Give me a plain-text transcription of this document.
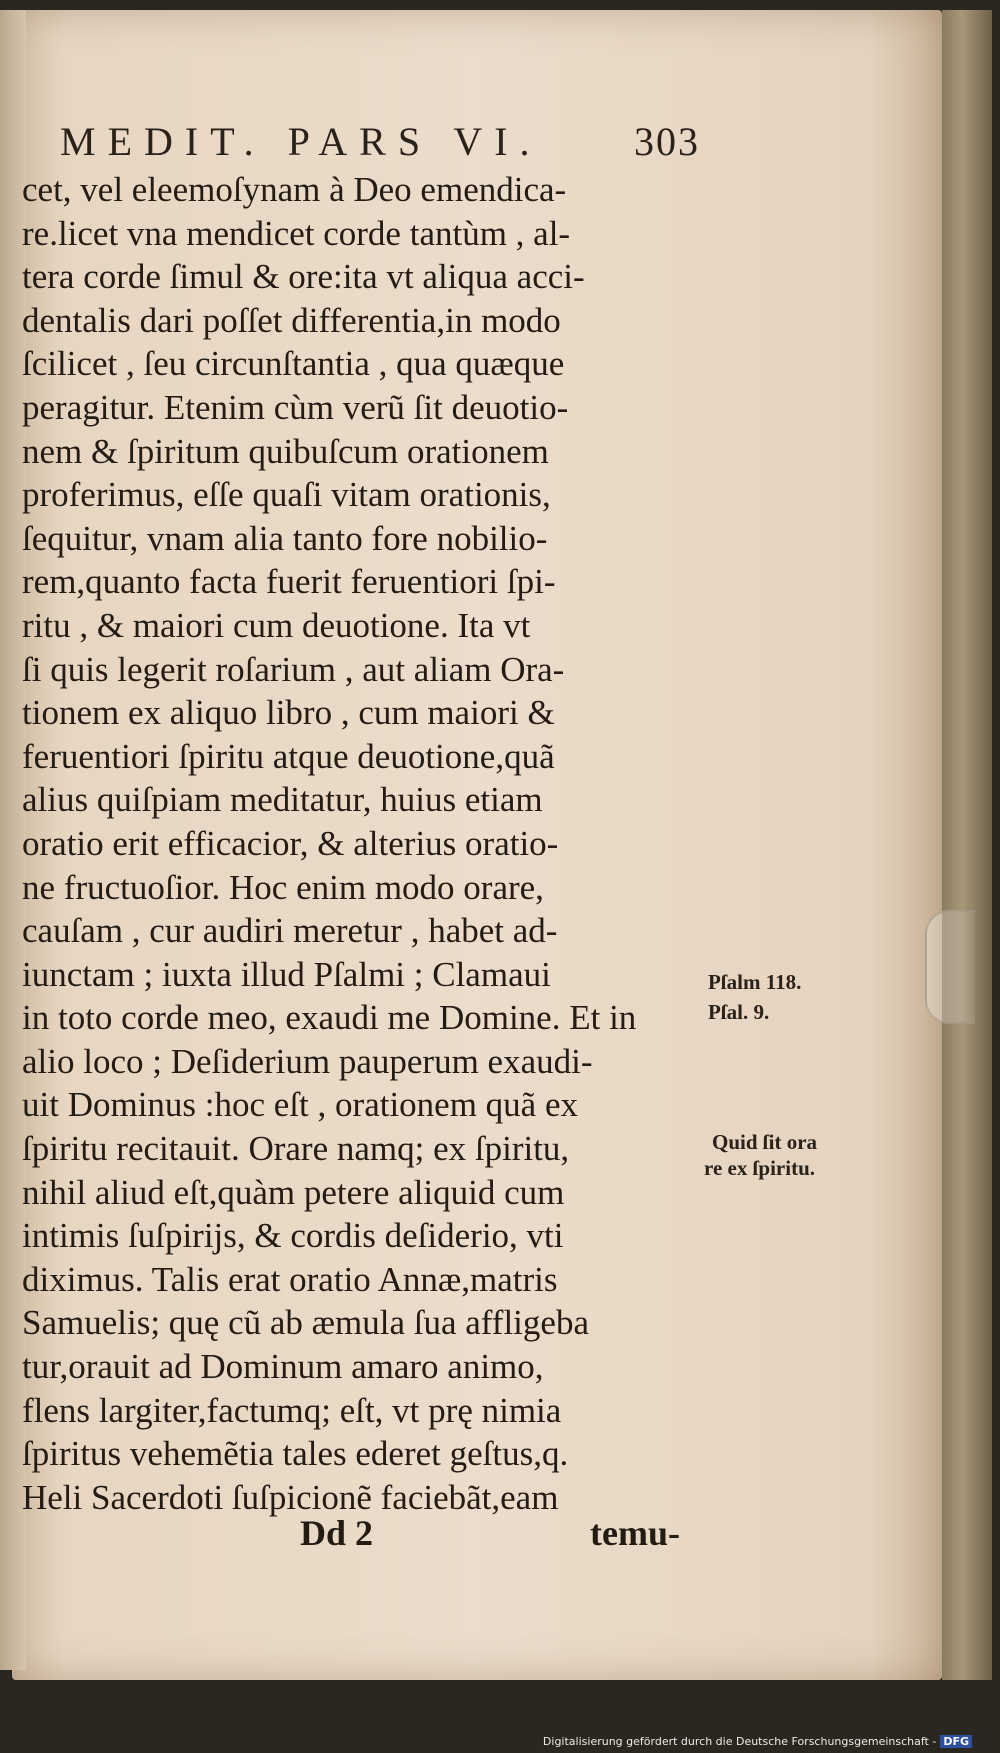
MEDIT. PARS VI. 303
cet, vel eleemoſynam à Deo emendica-
re.licet vna mendicet corde tantùm , al-
tera corde ſimul & ore:ita vt aliqua acci-
dentalis dari poſſet differentia,in modo
ſcilicet , ſeu circunſtantia , qua quæque
peragitur. Etenim cùm verũ ſit deuotio-
nem & ſpiritum quibuſcum orationem
proferimus, eſſe quaſi vitam orationis,
ſequitur, vnam alia tanto fore nobilio-
rem,quanto facta fuerit feruentiori ſpi-
ritu , & maiori cum deuotione. Ita vt
ſi quis legerit roſarium , aut aliam Ora-
tionem ex aliquo libro , cum maiori &
feruentiori ſpiritu atque deuotione,quã
alius quiſpiam meditatur, huius etiam
oratio erit efficacior, & alterius oratio-
ne fructuoſior. Hoc enim modo orare,
cauſam , cur audiri meretur , habet ad-
iunctam ; iuxta illud Pſalmi ; Clamaui
in toto corde meo, exaudi me Domine. Et in
alio loco ; Deſiderium pauperum exaudi-
uit Dominus :hoc eſt , orationem quã ex
ſpiritu recitauit. Orare namq; ex ſpiritu,
nihil aliud eſt,quàm petere aliquid cum
intimis ſuſpirijs, & cordis deſiderio, vti
diximus. Talis erat oratio Annæ,matris
Samuelis; quę cũ ab æmula ſua affligeba
tur,orauit ad Dominum amaro animo,
flens largiter,factumq; eſt, vt prę nimia
ſpiritus vehemẽtia tales ederet geſtus,q.
Heli Sacerdoti ſuſpicionẽ faciebãt,eam
Pſalm 118.
Pſal. 9.
Quid ſit ora
re ex ſpiritu.
Dd 2	temu-
Digitalisierung gefördert durch die Deutsche Forschungsgemeinschaft - DFG
